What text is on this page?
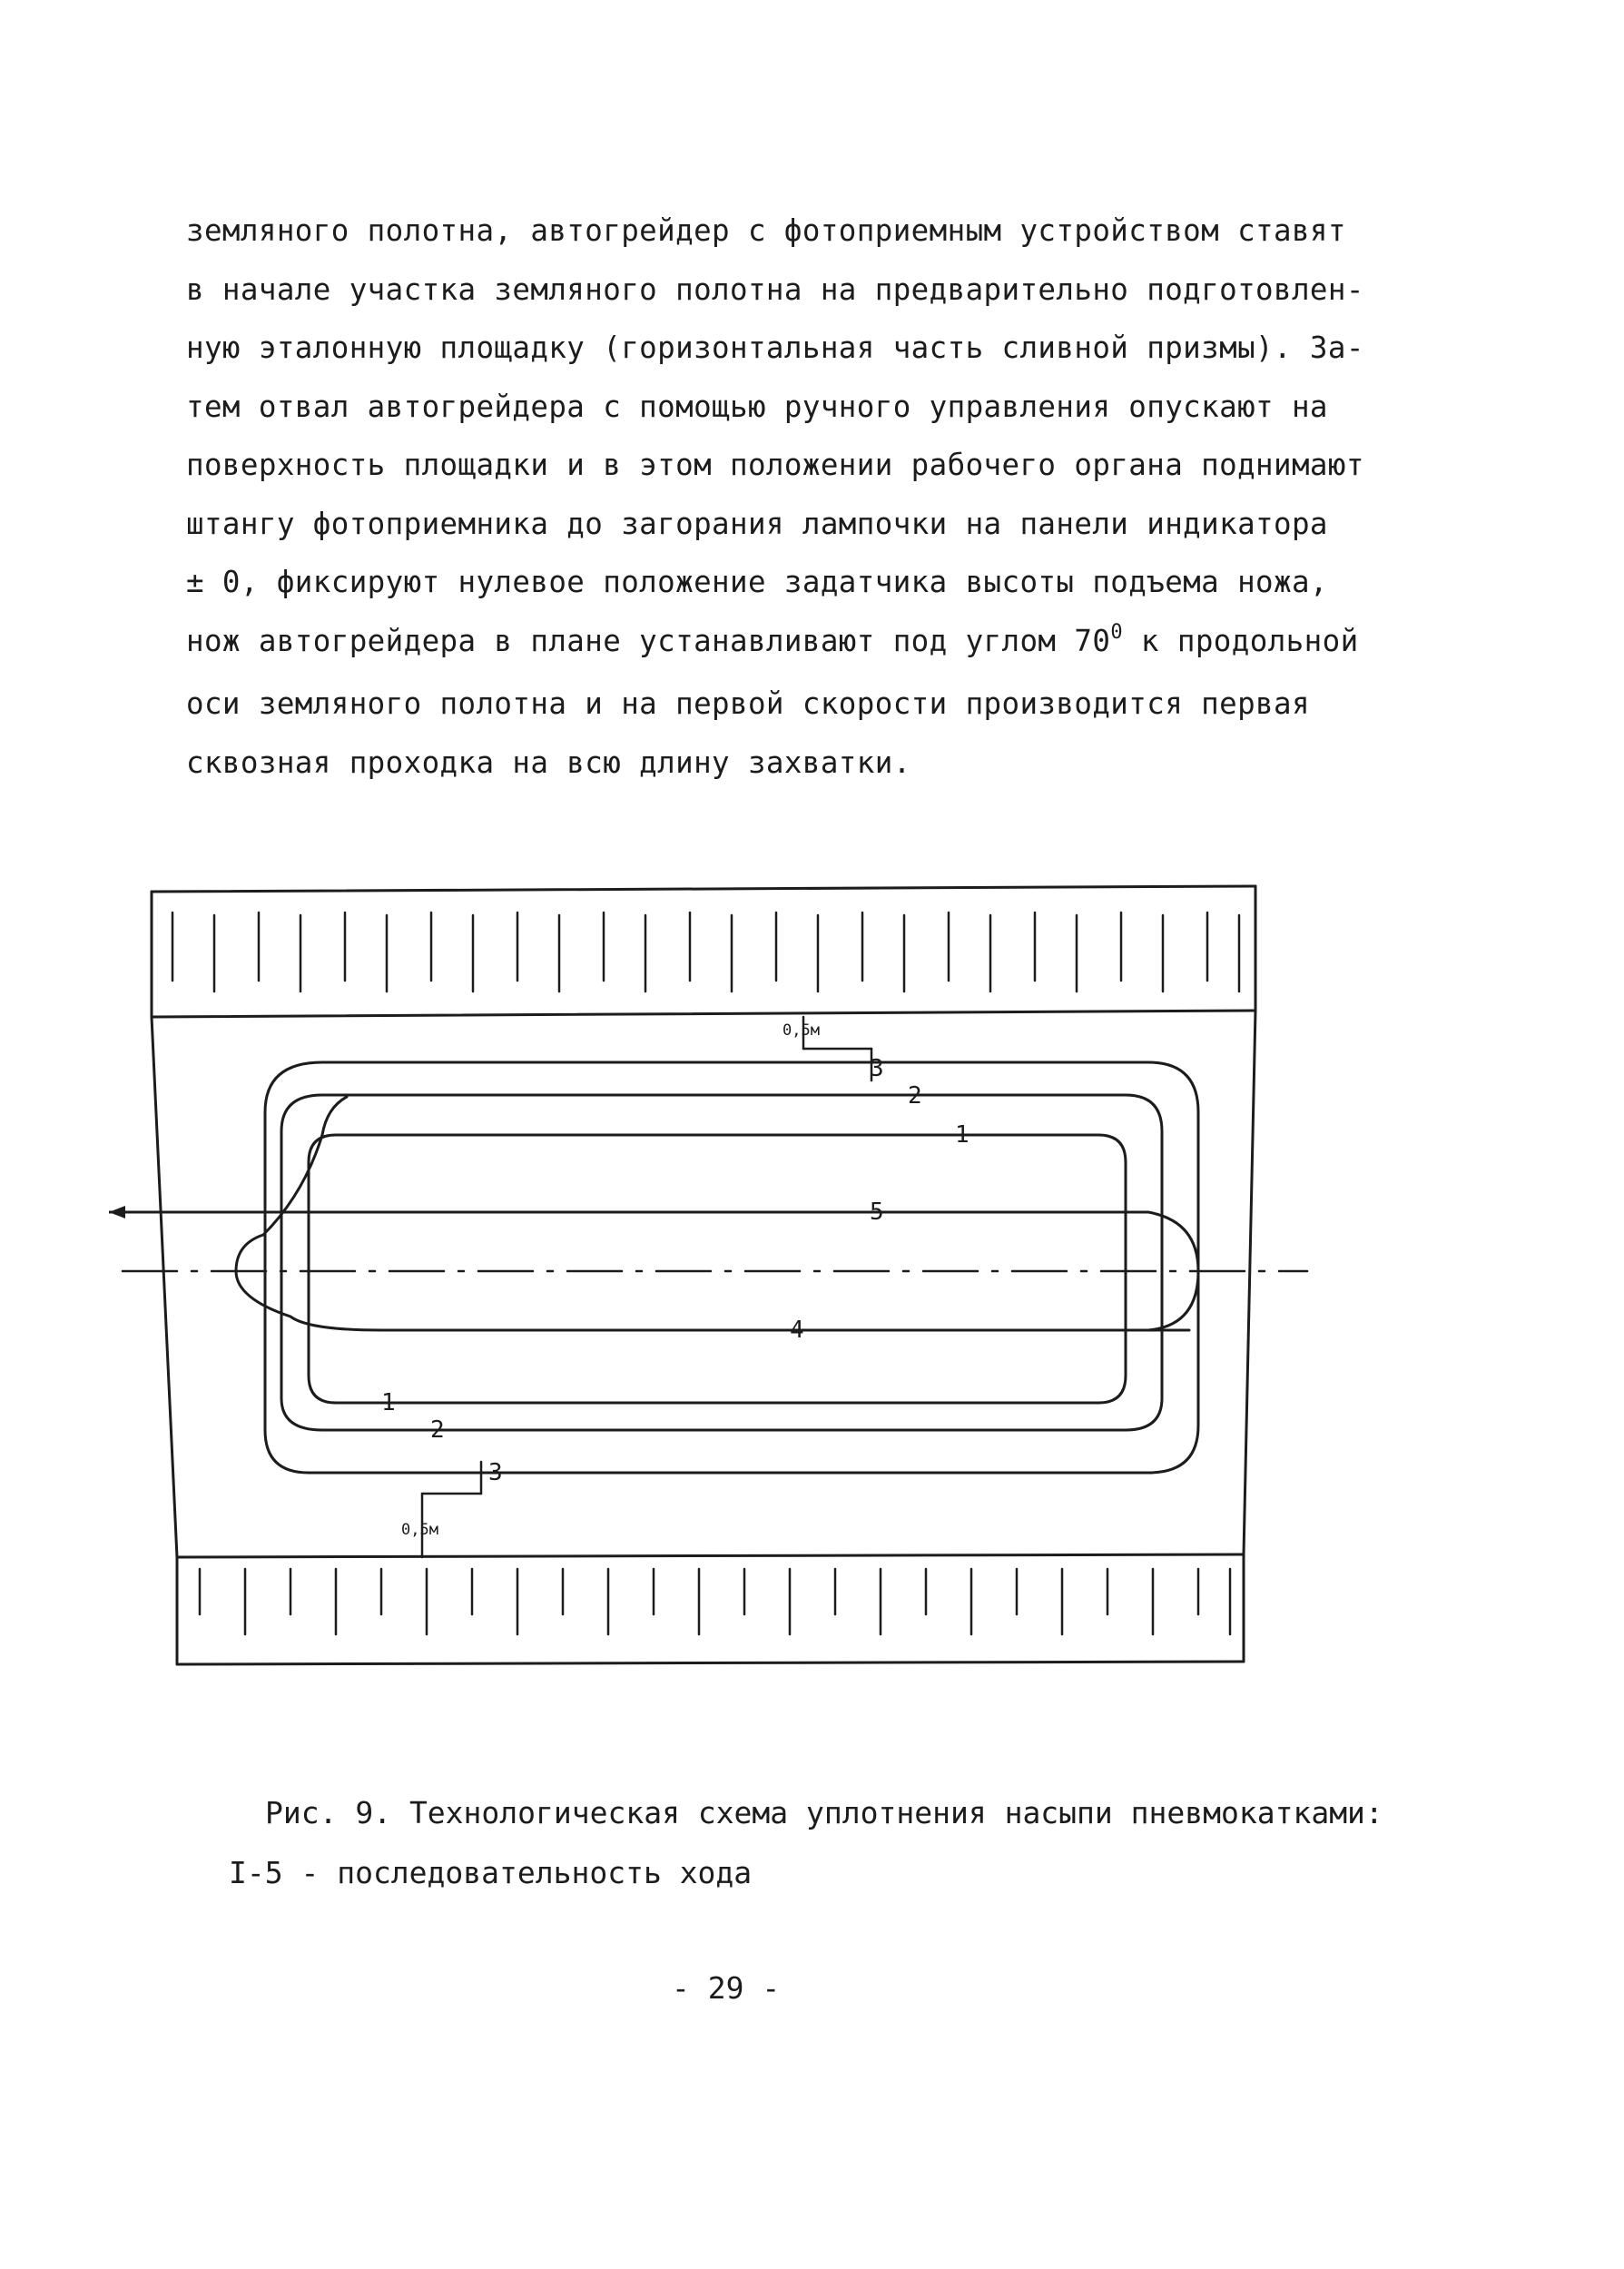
земляного полотна, автогрейдер с фотоприемным устройством ставят
в начале участка земляного полотна на предварительно подготовлен-
ную эталонную площадку (горизонтальная часть сливной призмы). За-
тем отвал автогрейдера с помощью ручного управления опускают на
поверхность площадки и в этом положении рабочего органа поднимают
штангу фотоприемника до загорания лампочки на панели индикатора
± 0, фиксируют нулевое положение задатчика высоты подъема ножа,
нож автогрейдера в плане устанавливают под углом $70^0$ к продольной
оси земляного полотна и на первой скорости производится первая
сквозная проходка на всю длину захватки.
3
2
1
5
4
1
2
3
0,5м
0,5м
Рис. 9. Технологическая схема уплотнения насыпи пневмокатками:
I-5 - последовательность хода
- 29 -
